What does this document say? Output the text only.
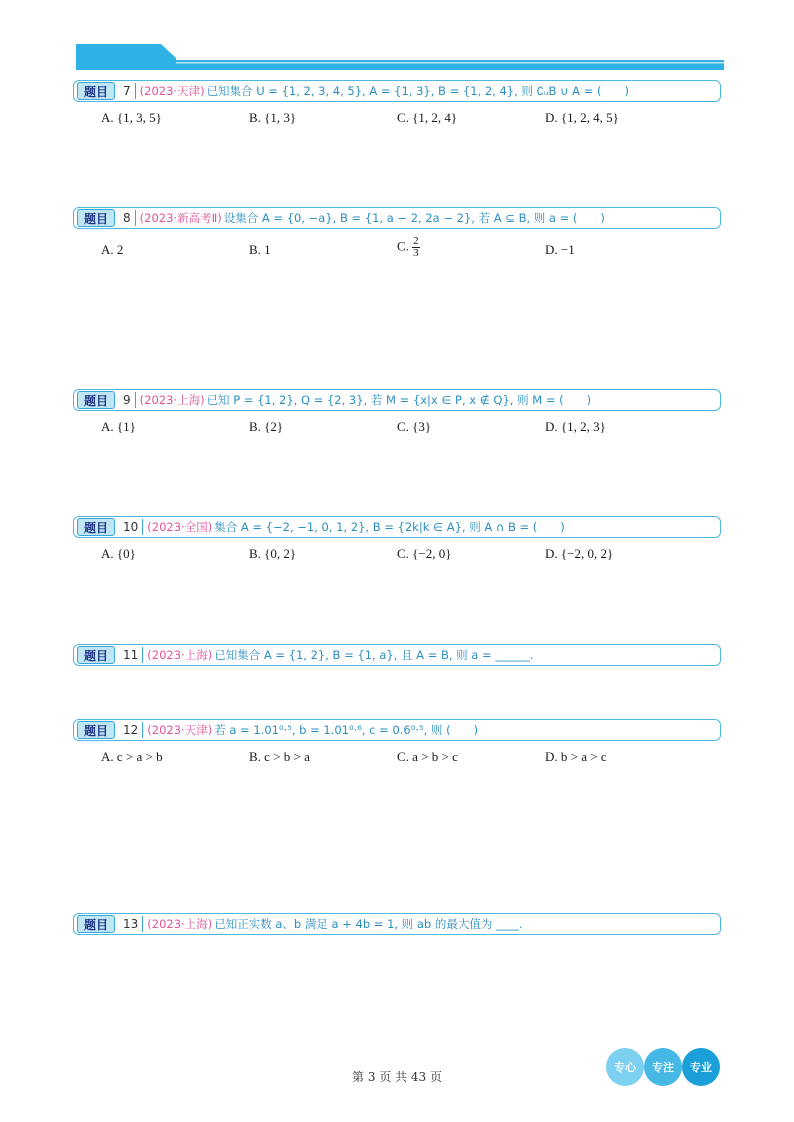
题目	7 (2023·天津) 已知集合 U = {1, 2, 3, 4, 5}, A = {1, 3}, B = {1, 2, 4}, 则 ∁ᵤB ∪ A = (　　)
A. {1, 3, 5}	B. {1, 3}	C. {1, 2, 4}	D. {1, 2, 4, 5}
题目	8 (2023·新高考Ⅱ) 设集合 A = {0, −a}, B = {1, a − 2, 2a − 2}, 若 A ⊆ B, 则 a = (　　)
A. 2	B. 1	C. $\frac{2}{3}$	D. −1
题目	9 (2023·上海) 已知 P = {1, 2}, Q = {2, 3}, 若 M = {x|x ∈ P, x ∉ Q}, 则 M = (　　)
A. {1}	B. {2}	C. {3}	D. {1, 2, 3}
题目	10 (2023·全国) 集合 A = {−2, −1, 0, 1, 2}, B = {2k|k ∈ A}, 则 A ∩ B = (　　)
A. {0}	B. {0, 2}	C. {−2, 0}	D. {−2, 0, 2}
题目	11 (2023·上海) 已知集合 A = {1, 2}, B = {1, a}, 且 A = B, 则 a = ______.
题目	12 (2023·天津) 若 a = 1.01⁰·⁵, b = 1.01⁰·⁶, c = 0.6⁰·⁵, 则 (　　)
A. c > a > b	B. c > b > a	C. a > b > c	D. b > a > c
题目	13 (2023·上海) 已知正实数 a、b 满足 a + 4b = 1, 则 ab 的最大值为 ____.
第 3 页 共 43 页
专心	专注	专业
